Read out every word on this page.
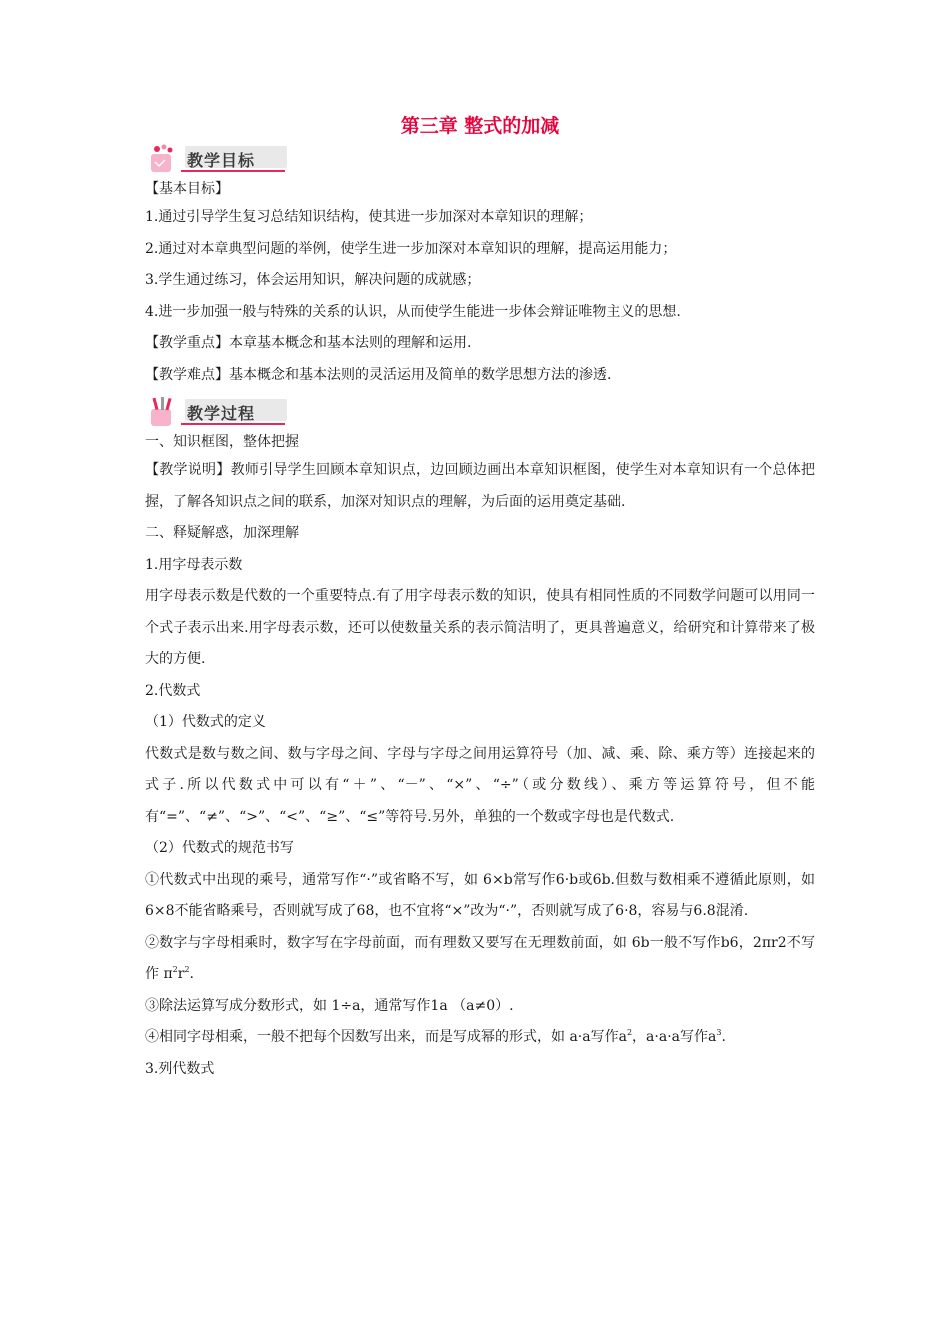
第三章 整式的加减
教学目标

【基本目标】

1.通过引导学生复习总结知识结构，使其进一步加深对本章知识的理解；

2.通过对本章典型问题的举例，使学生进一步加深对本章知识的理解，提高运用能力；

3.学生通过练习，体会运用知识，解决问题的成就感；

4.进一步加强一般与特殊的关系的认识，从而使学生能进一步体会辩证唯物主义的思想.

【教学重点】本章基本概念和基本法则的理解和运用.

【教学难点】基本概念和基本法则的灵活运用及简单的数学思想方法的渗透.

教学过程

一、知识框图，整体把握

【教学说明】教师引导学生回顾本章知识点，边回顾边画出本章知识框图，使学生对本章知识有一个总体把握，了解各知识点之间的联系，加深对知识点的理解，为后面的运用奠定基础.

二、释疑解惑，加深理解

1.用字母表示数

用字母表示数是代数的一个重要特点.有了用字母表示数的知识，使具有相同性质的不同数学问题可以用同一个式子表示出来.用字母表示数，还可以使数量关系的表示简洁明了，更具普遍意义，给研究和计算带来了极大的方便.

2.代数式

（1）代数式的定义

代数式是数与数之间、数与字母之间、字母与字母之间用运算符号（加、减、乘、除、乘方等）连接起来的式子.所以代数式中可以有“＋”、“－”、“×”、“÷”（或分数线）、乘方等运算符号，但不能有“=”、“≠”、“>”、“<”、“≥”、“≤”等符号.另外，单独的一个数或字母也是代数式.

（2）代数式的规范书写

①代数式中出现的乘号，通常写作“·”或省略不写，如 6×b常写作6·b或6b.但数与数相乘不遵循此原则，如6×8不能省略乘号，否则就写成了68，也不宜将“×”改为“·”，否则就写成了6·8，容易与6.8混淆.

②数字与字母相乘时，数字写在字母前面，而有理数又要写在无理数前面，如 6b一般不写作b6，2πr2不写作 $\pi^2r^2$.

③除法运算写成分数形式，如 1÷a，通常写作1a （a≠0）.

④相同字母相乘，一般不把每个因数写出来，而是写成幂的形式，如 a·a写作$a^2$，a·a·a写作$a^3$.

3.列代数式
